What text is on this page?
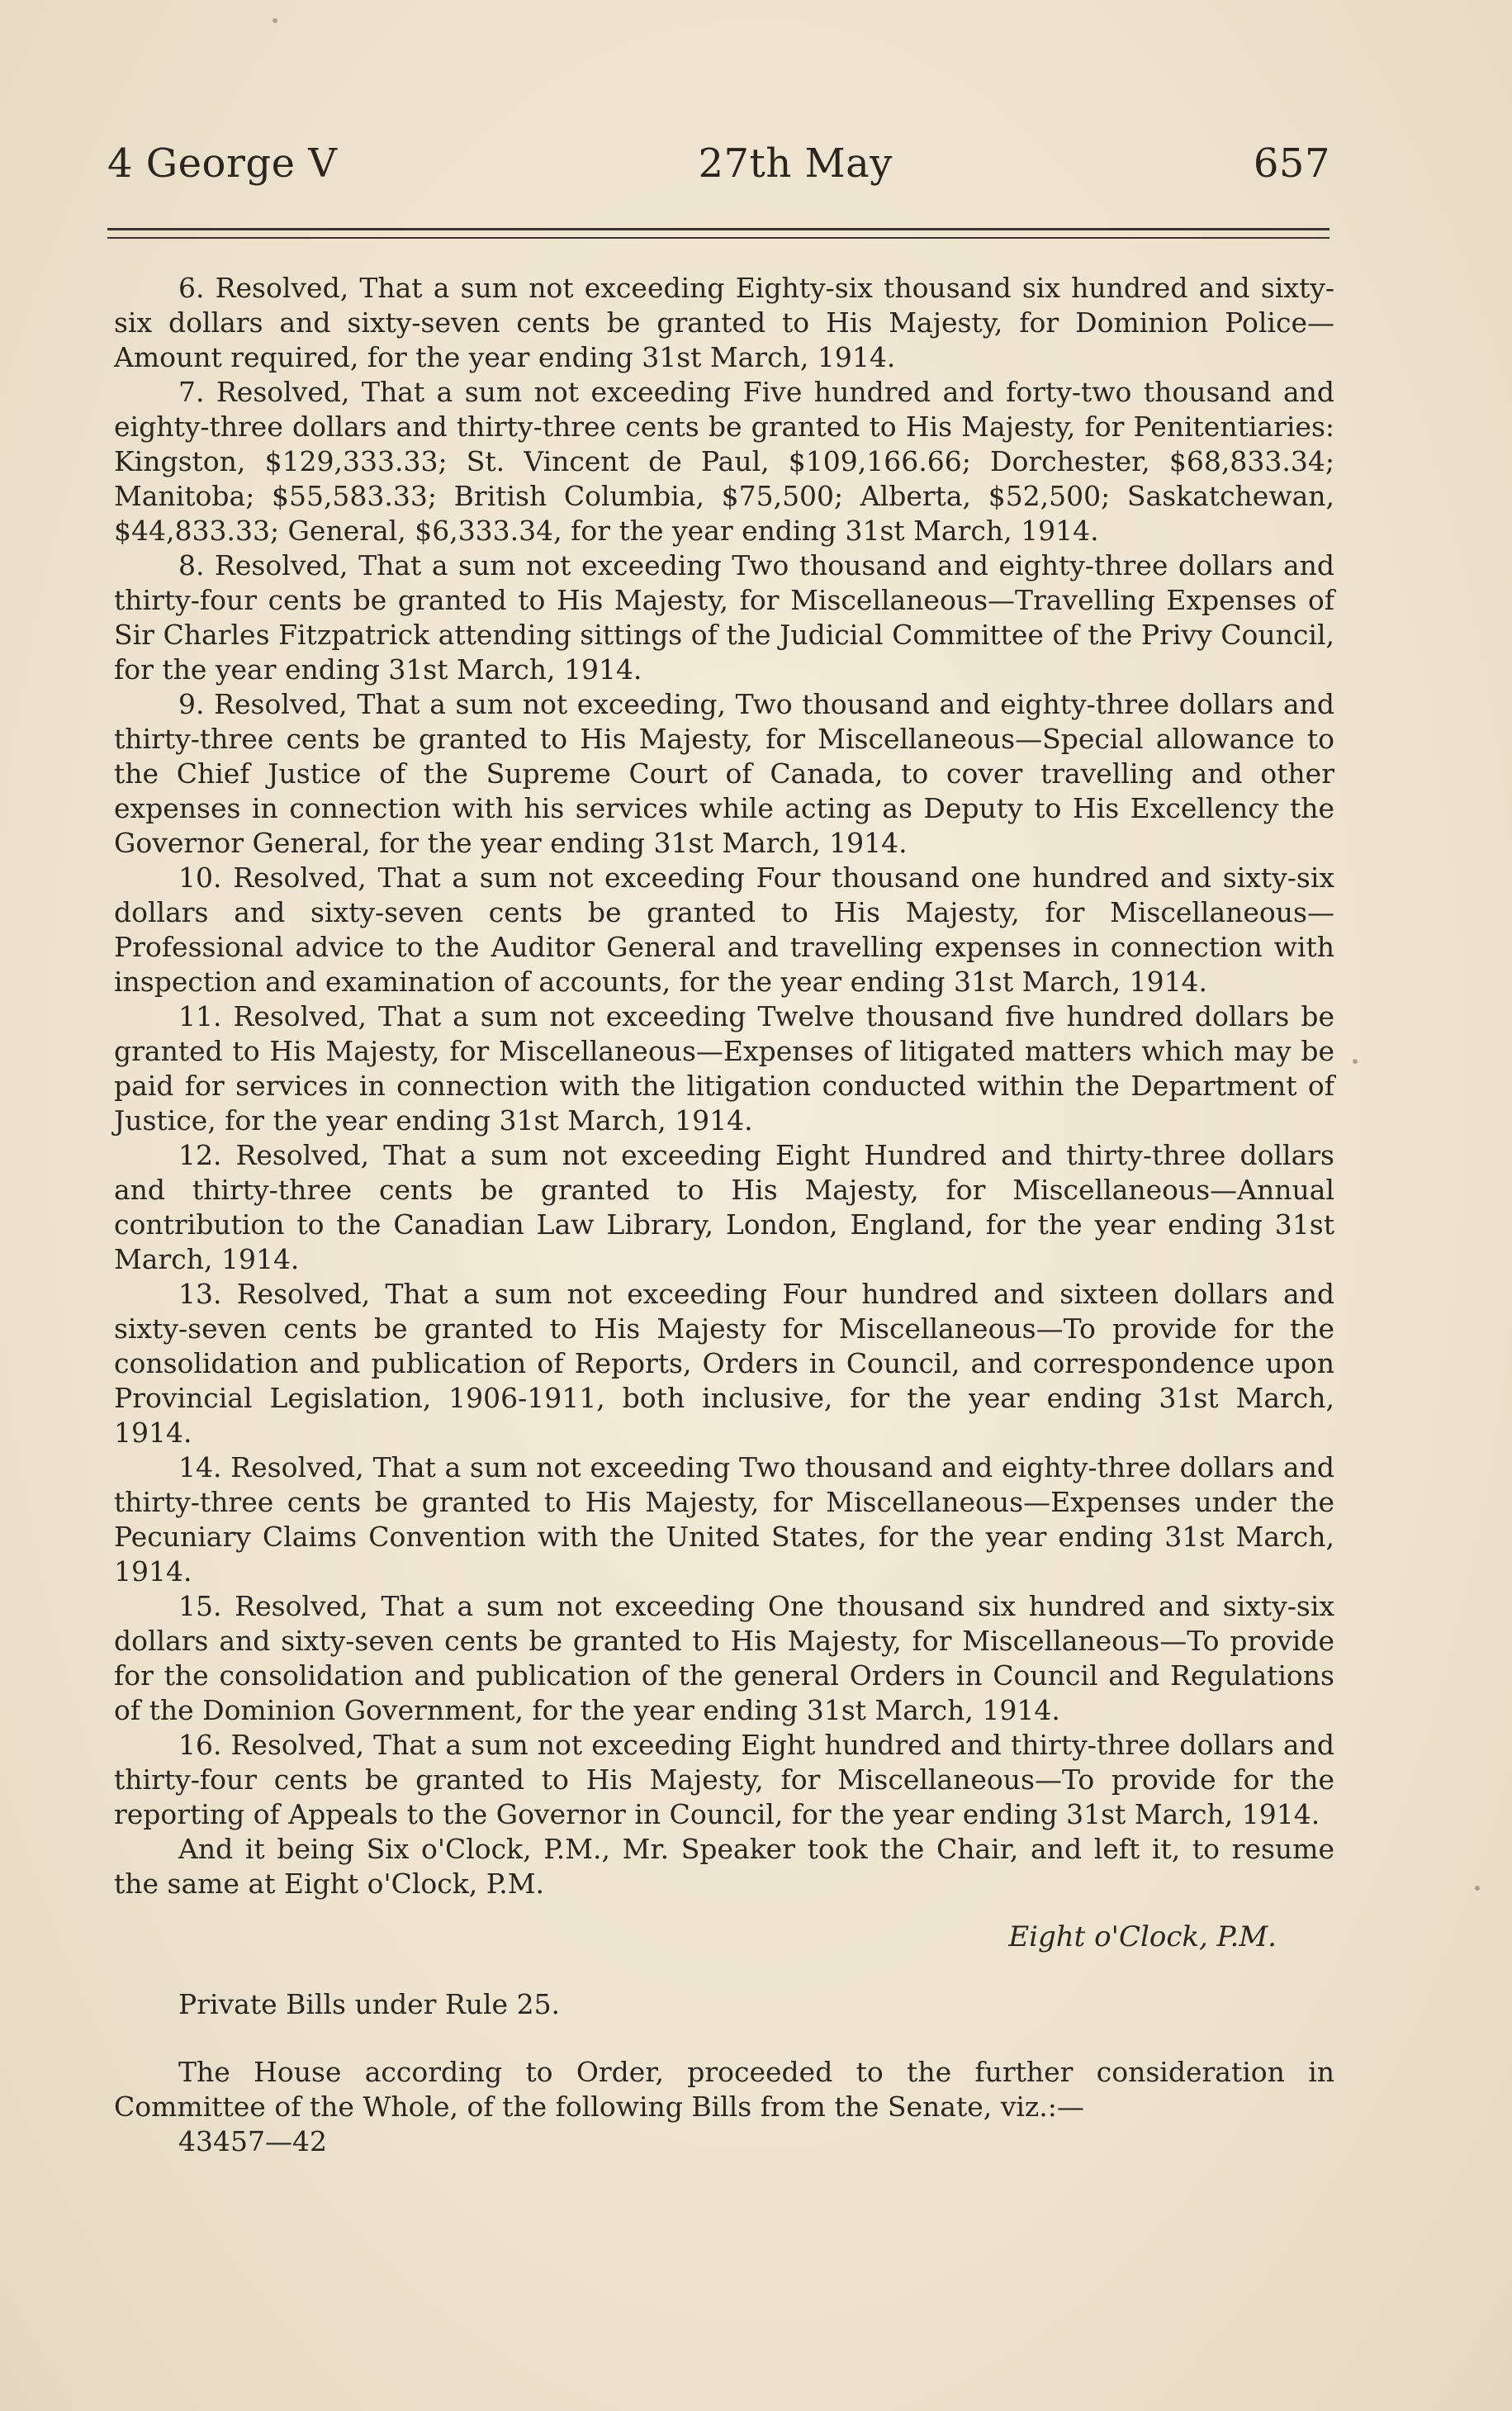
4 George V	27th May	657

6. Resolved, That a sum not exceeding Eighty-six thousand six hundred and sixty-six dollars and sixty-seven cents be granted to His Majesty, for Dominion Police—Amount required, for the year ending 31st March, 1914.

7. Resolved, That a sum not exceeding Five hundred and forty-two thousand and eighty-three dollars and thirty-three cents be granted to His Majesty, for Penitentiaries: Kingston, $129,333.33; St. Vincent de Paul, $109,166.66; Dorchester, $68,833.34; Manitoba; $55,583.33; British Columbia, $75,500; Alberta, $52,500; Saskatchewan, $44,833.33; General, $6,333.34, for the year ending 31st March, 1914.

8. Resolved, That a sum not exceeding Two thousand and eighty-three dollars and thirty-four cents be granted to His Majesty, for Miscellaneous—Travelling Expenses of Sir Charles Fitzpatrick attending sittings of the Judicial Committee of the Privy Council, for the year ending 31st March, 1914.

9. Resolved, That a sum not exceeding, Two thousand and eighty-three dollars and thirty-three cents be granted to His Majesty, for Miscellaneous—Special allowance to the Chief Justice of the Supreme Court of Canada, to cover travelling and other expenses in connection with his services while acting as Deputy to His Excellency the Governor General, for the year ending 31st March, 1914.

10. Resolved, That a sum not exceeding Four thousand one hundred and sixty-six dollars and sixty-seven cents be granted to His Majesty, for Miscellaneous—Professional advice to the Auditor General and travelling expenses in connection with inspection and examination of accounts, for the year ending 31st March, 1914.

11. Resolved, That a sum not exceeding Twelve thousand five hundred dollars be granted to His Majesty, for Miscellaneous—Expenses of litigated matters which may be paid for services in connection with the litigation conducted within the Department of Justice, for the year ending 31st March, 1914.

12. Resolved, That a sum not exceeding Eight Hundred and thirty-three dollars and thirty-three cents be granted to His Majesty, for Miscellaneous—Annual contribution to the Canadian Law Library, London, England, for the year ending 31st March, 1914.

13. Resolved, That a sum not exceeding Four hundred and sixteen dollars and sixty-seven cents be granted to His Majesty for Miscellaneous—To provide for the consolidation and publication of Reports, Orders in Council, and correspondence upon Provincial Legislation, 1906-1911, both inclusive, for the year ending 31st March, 1914.

14. Resolved, That a sum not exceeding Two thousand and eighty-three dollars and thirty-three cents be granted to His Majesty, for Miscellaneous—Expenses under the Pecuniary Claims Convention with the United States, for the year ending 31st March, 1914.

15. Resolved, That a sum not exceeding One thousand six hundred and sixty-six dollars and sixty-seven cents be granted to His Majesty, for Miscellaneous—To provide for the consolidation and publication of the general Orders in Council and Regulations of the Dominion Government, for the year ending 31st March, 1914.

16. Resolved, That a sum not exceeding Eight hundred and thirty-three dollars and thirty-four cents be granted to His Majesty, for Miscellaneous—To provide for the reporting of Appeals to the Governor in Council, for the year ending 31st March, 1914.

And it being Six o'Clock, P.M., Mr. Speaker took the Chair, and left it, to resume the same at Eight o'Clock, P.M.

Eight o'Clock, P.M.

Private Bills under Rule 25.

The House according to Order, proceeded to the further consideration in Committee of the Whole, of the following Bills from the Senate, viz.:—

43457—42
